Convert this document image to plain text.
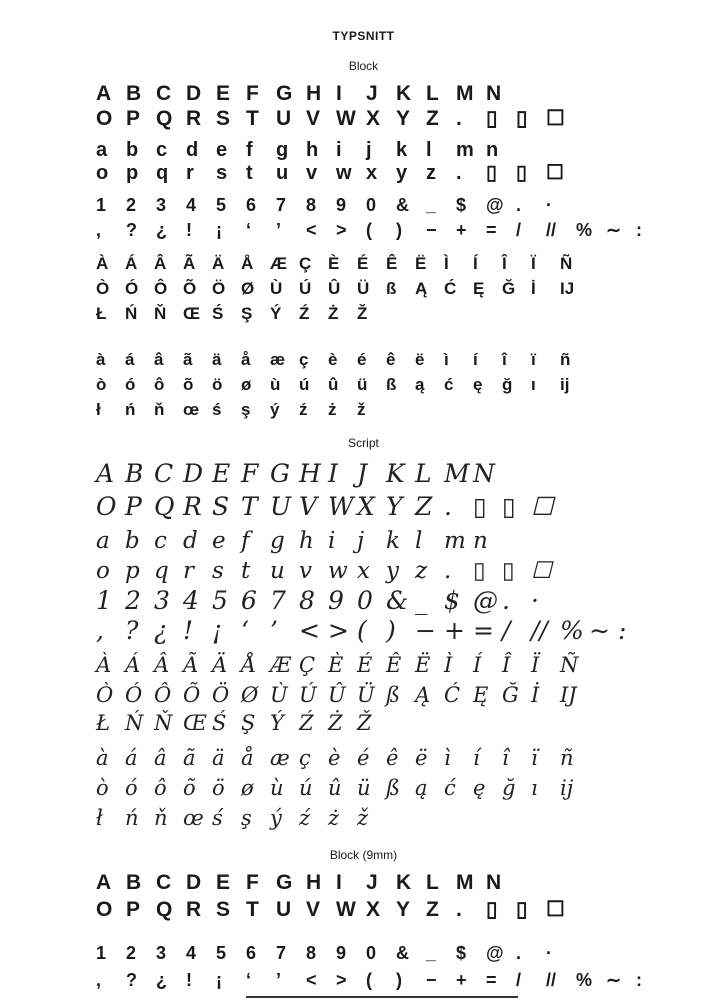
TYPSNITT
Block
Script
Block (9mm)
A B C D E F G H I J K L M N
O P Q R S T U V W X Y Z . ▯ ▯ ☐
a b c d e f g h i j k l m n
o p q r s t u v w x y z . ▯ ▯ ☐
1 2 3 4 5 6 7 8 9 0 & _ $ @ . ·
, ? ¿ ! ¡ ‘ ’ < > ( ) − + = / // % ∼ :
À Á Â Ã Ä Å Æ Ç È É Ê Ë Ì Í Î Ï Ñ
Ò Ó Ô Õ Ö Ø Ù Ú Û Ü ß Ą Ć Ę Ğ İ IJ
Ł Ń Ň Œ Ś Ş Ý Ź Ż Ž
à á â ã ä å æ ç è é ê ë ì í î ï ñ
ò ó ô õ ö ø ù ú û ü ß ą ć ę ğ ı ij
ł ń ň œ ś ş ý ź ż ž
A B C D E F G H I J K L M N
O P Q R S T U V W X Y Z . ▯ ▯ ☐
a b c d e f g h i j k l m n
o p q r s t u v w x y z . ▯ ▯ ☐
1 2 3 4 5 6 7 8 9 0 & _ $ @ . ·
, ? ¿ ! ¡ ‘ ’ < > ( ) − + = / // % ∼ :
À Á Â Ã Ä Å Æ Ç È É Ê Ë Ì Í Î Ï Ñ
Ò Ó Ô Õ Ö Ø Ù Ú Û Ü ß Ą Ć Ę Ğ İ IJ
Ł Ń Ň Œ Ś Ş Ý Ź Ż Ž
à á â ã ä å æ ç è é ê ë ì í î ï ñ
ò ó ô õ ö ø ù ú û ü ß ą ć ę ğ ı ij
ł ń ň œ ś ş ý ź ż ž
A B C D E F G H I J K L M N
O P Q R S T U V W X Y Z . ▯ ▯ ☐
1 2 3 4 5 6 7 8 9 0 & _ $ @ . ·
, ? ¿ ! ¡ ‘ ’ < > ( ) − + = / // % ∼ :
